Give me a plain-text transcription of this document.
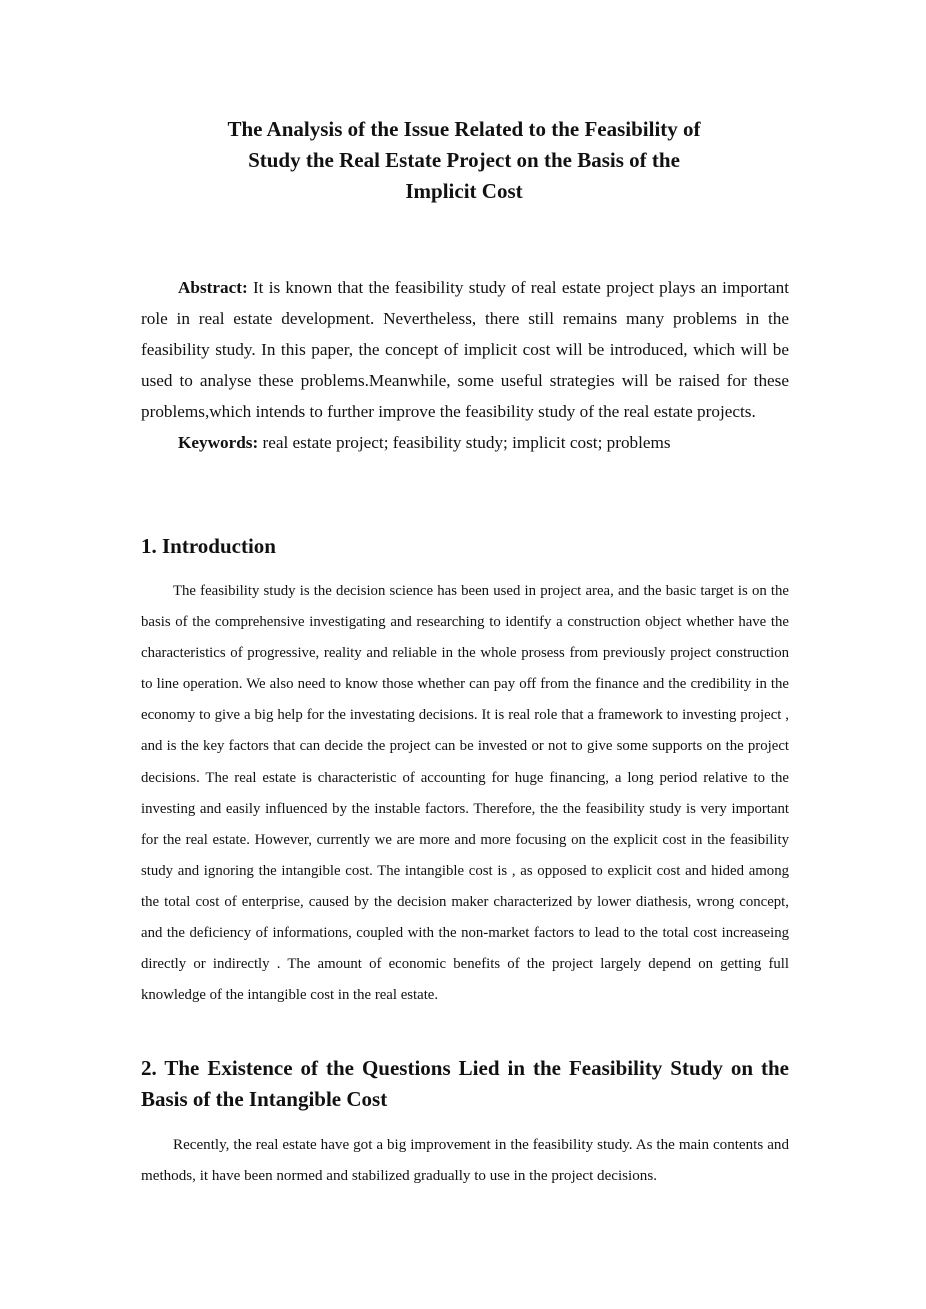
The Analysis of the Issue Related to the Feasibility of
Study the Real Estate Project on the Basis of the
Implicit Cost

Abstract: It is known that the feasibility study of real estate project plays an important role in real estate development. Nevertheless, there still remains many problems in the feasibility study. In this paper, the concept of implicit cost will be introduced, which will be used to analyse these problems.Meanwhile, some useful strategies will be raised for these problems,which intends to further improve the feasibility study of the real estate projects.

Keywords: real estate project; feasibility study; implicit cost; problems

1. Introduction

The feasibility study is the decision science has been used in project area, and the basic target is on the basis of the comprehensive investigating and researching to identify a construction object whether have the characteristics of progressive, reality and reliable in the whole prosess from previously project construction to line operation. We also need to know those whether can pay off from the finance and the credibility in the economy to give a big help for the investating decisions. It is real role that a framework to investing project , and is the key factors that can decide the project can be invested or not to give some supports on the project decisions. The real estate is characteristic of accounting for huge financing, a long period relative to the investing and easily influenced by the instable factors. Therefore, the the feasibility study is very important for the real estate. However, currently we are more and more focusing on the explicit cost in the feasibility study and ignoring the intangible cost. The intangible cost is , as opposed to explicit cost and hided among the total cost of enterprise, caused by the decision maker characterized by lower diathesis, wrong concept, and the deficiency of informations, coupled with the non-market factors to lead to the total cost increaseing directly or indirectly . The amount of economic benefits of the project largely depend on getting full knowledge of the intangible cost in the real estate.

2. The Existence of the Questions Lied in the Feasibility Study on the Basis of the Intangible Cost

Recently, the real estate have got a big improvement in the feasibility study. As the main contents and methods, it have been normed and stabilized gradually to use in the project decisions.
